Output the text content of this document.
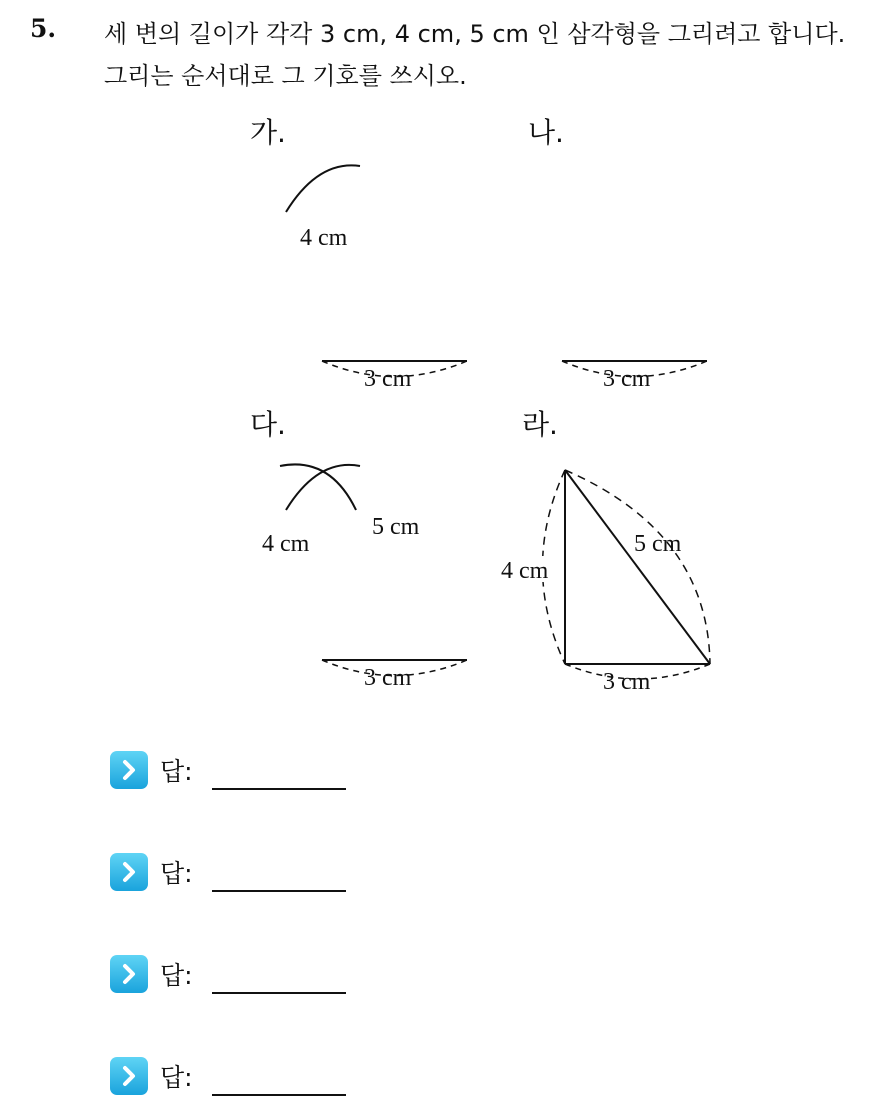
5. 세 변의 길이가 각각 3 cm, 4 cm, 5 cm 인 삼각형을 그리려고 합니다.
그리는 순서대로 그 기호를 쓰시오.
가.
4 cm
3 cm
나.
3 cm
다.
4 cm
5 cm
3 cm
라.
4 cm
5 cm
3 cm
답:
답:
답:
답:
